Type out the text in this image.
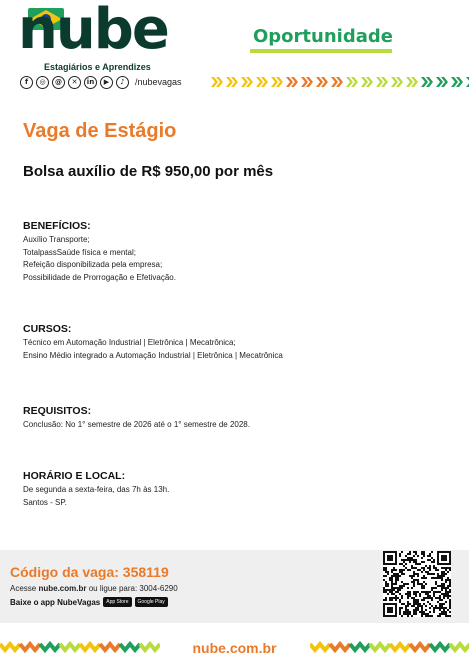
nube
Estagiários e Aprendizes
f	◎	@	✕	in	▶	♪	/nubevagas
Oportunidade
Vaga de Estágio
Bolsa auxílio de R$ 950,00 por mês
BENEFÍCIOS:
Auxílio Transporte;
TotalpassSaúde física e mental;
Refeição disponibilizada pela empresa;
Possibilidade de Prorrogação e Efetivação.
CURSOS:
Técnico em Automação Industrial | Eletrônica | Mecatrônica;
Ensino Médio integrado a Automação Industrial | Eletrônica | Mecatrônica
REQUISITOS:
Conclusão: No 1° semestre de 2026 até o 1° semestre de 2028.
HORÁRIO E LOCAL:
De segunda a sexta-feira, das 7h às 13h.
Santos - SP.
Código da vaga: 358119
Acesse nube.com.br ou ligue para: 3004-6290
Baixe o app NubeVagas	App Store	Google Play
nube.com.br
